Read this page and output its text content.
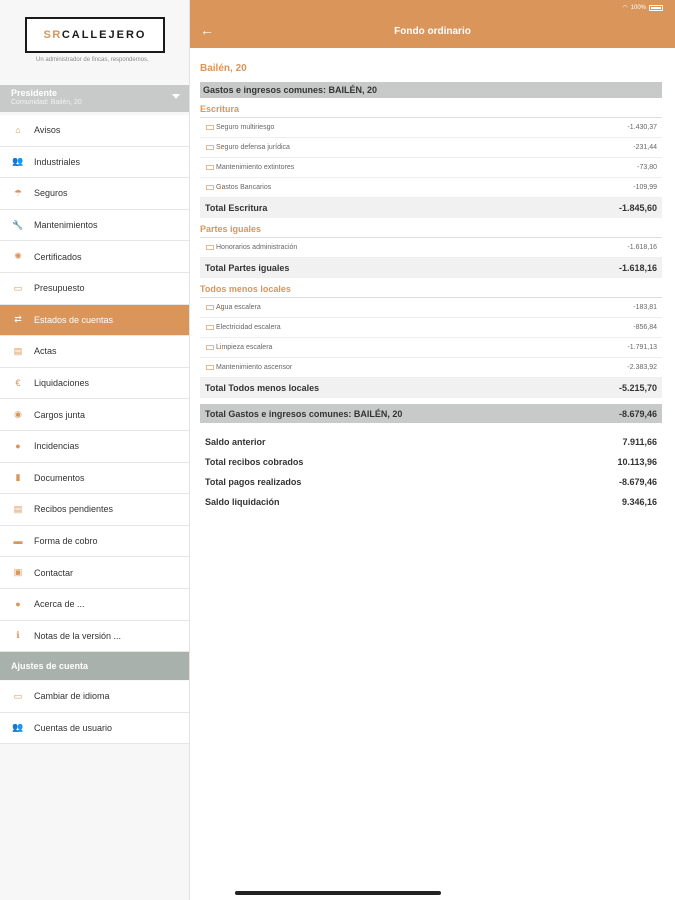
SR CALLEJERO
Un administrador de fincas, respondemos.
Presidente
Comunidad: Bailén, 20
⌂	Avisos
👥 Industriales
☂	Seguros
🔧 Mantenimientos
✺	Certificados
▭	Presupuesto
⇄	Estados de cuentas
▤	Actas
€	Liquidaciones
◉	Cargos junta
●	Incidencias
▮	Documentos
▤	Recibos pendientes
▬ Forma de cobro
▣	Contactar
●	Acerca de ...
ℹ	Notas de la versión ...
Ajustes de cuenta
▭	Cambiar de idioma
👥 Cuentas de usuario
◠ 100%
←	Fondo ordinario
Bailén, 20
Gastos e ingresos comunes: BAILÉN, 20
Escritura
Seguro multiriesgo	-1.430,37
Seguro defensa jurídica	-231,44
Mantenimiento extintores	-73,80
Gastos Bancarios	-109,99
Total Escritura	-1.845,60
Partes iguales
Honorarios administración	-1.618,16
Total Partes iguales	-1.618,16
Todos menos locales
Agua escalera	-183,81
Electricidad escalera	-856,84
Limpieza escalera	-1.791,13
Mantenimiento ascensor	-2.383,92
Total Todos menos locales	-5.215,70
Total Gastos e ingresos comunes: BAILÉN, 20	-8.679,46
Saldo anterior	7.911,66
Total recibos cobrados	10.113,96
Total pagos realizados	-8.679,46
Saldo liquidación	9.346,16
